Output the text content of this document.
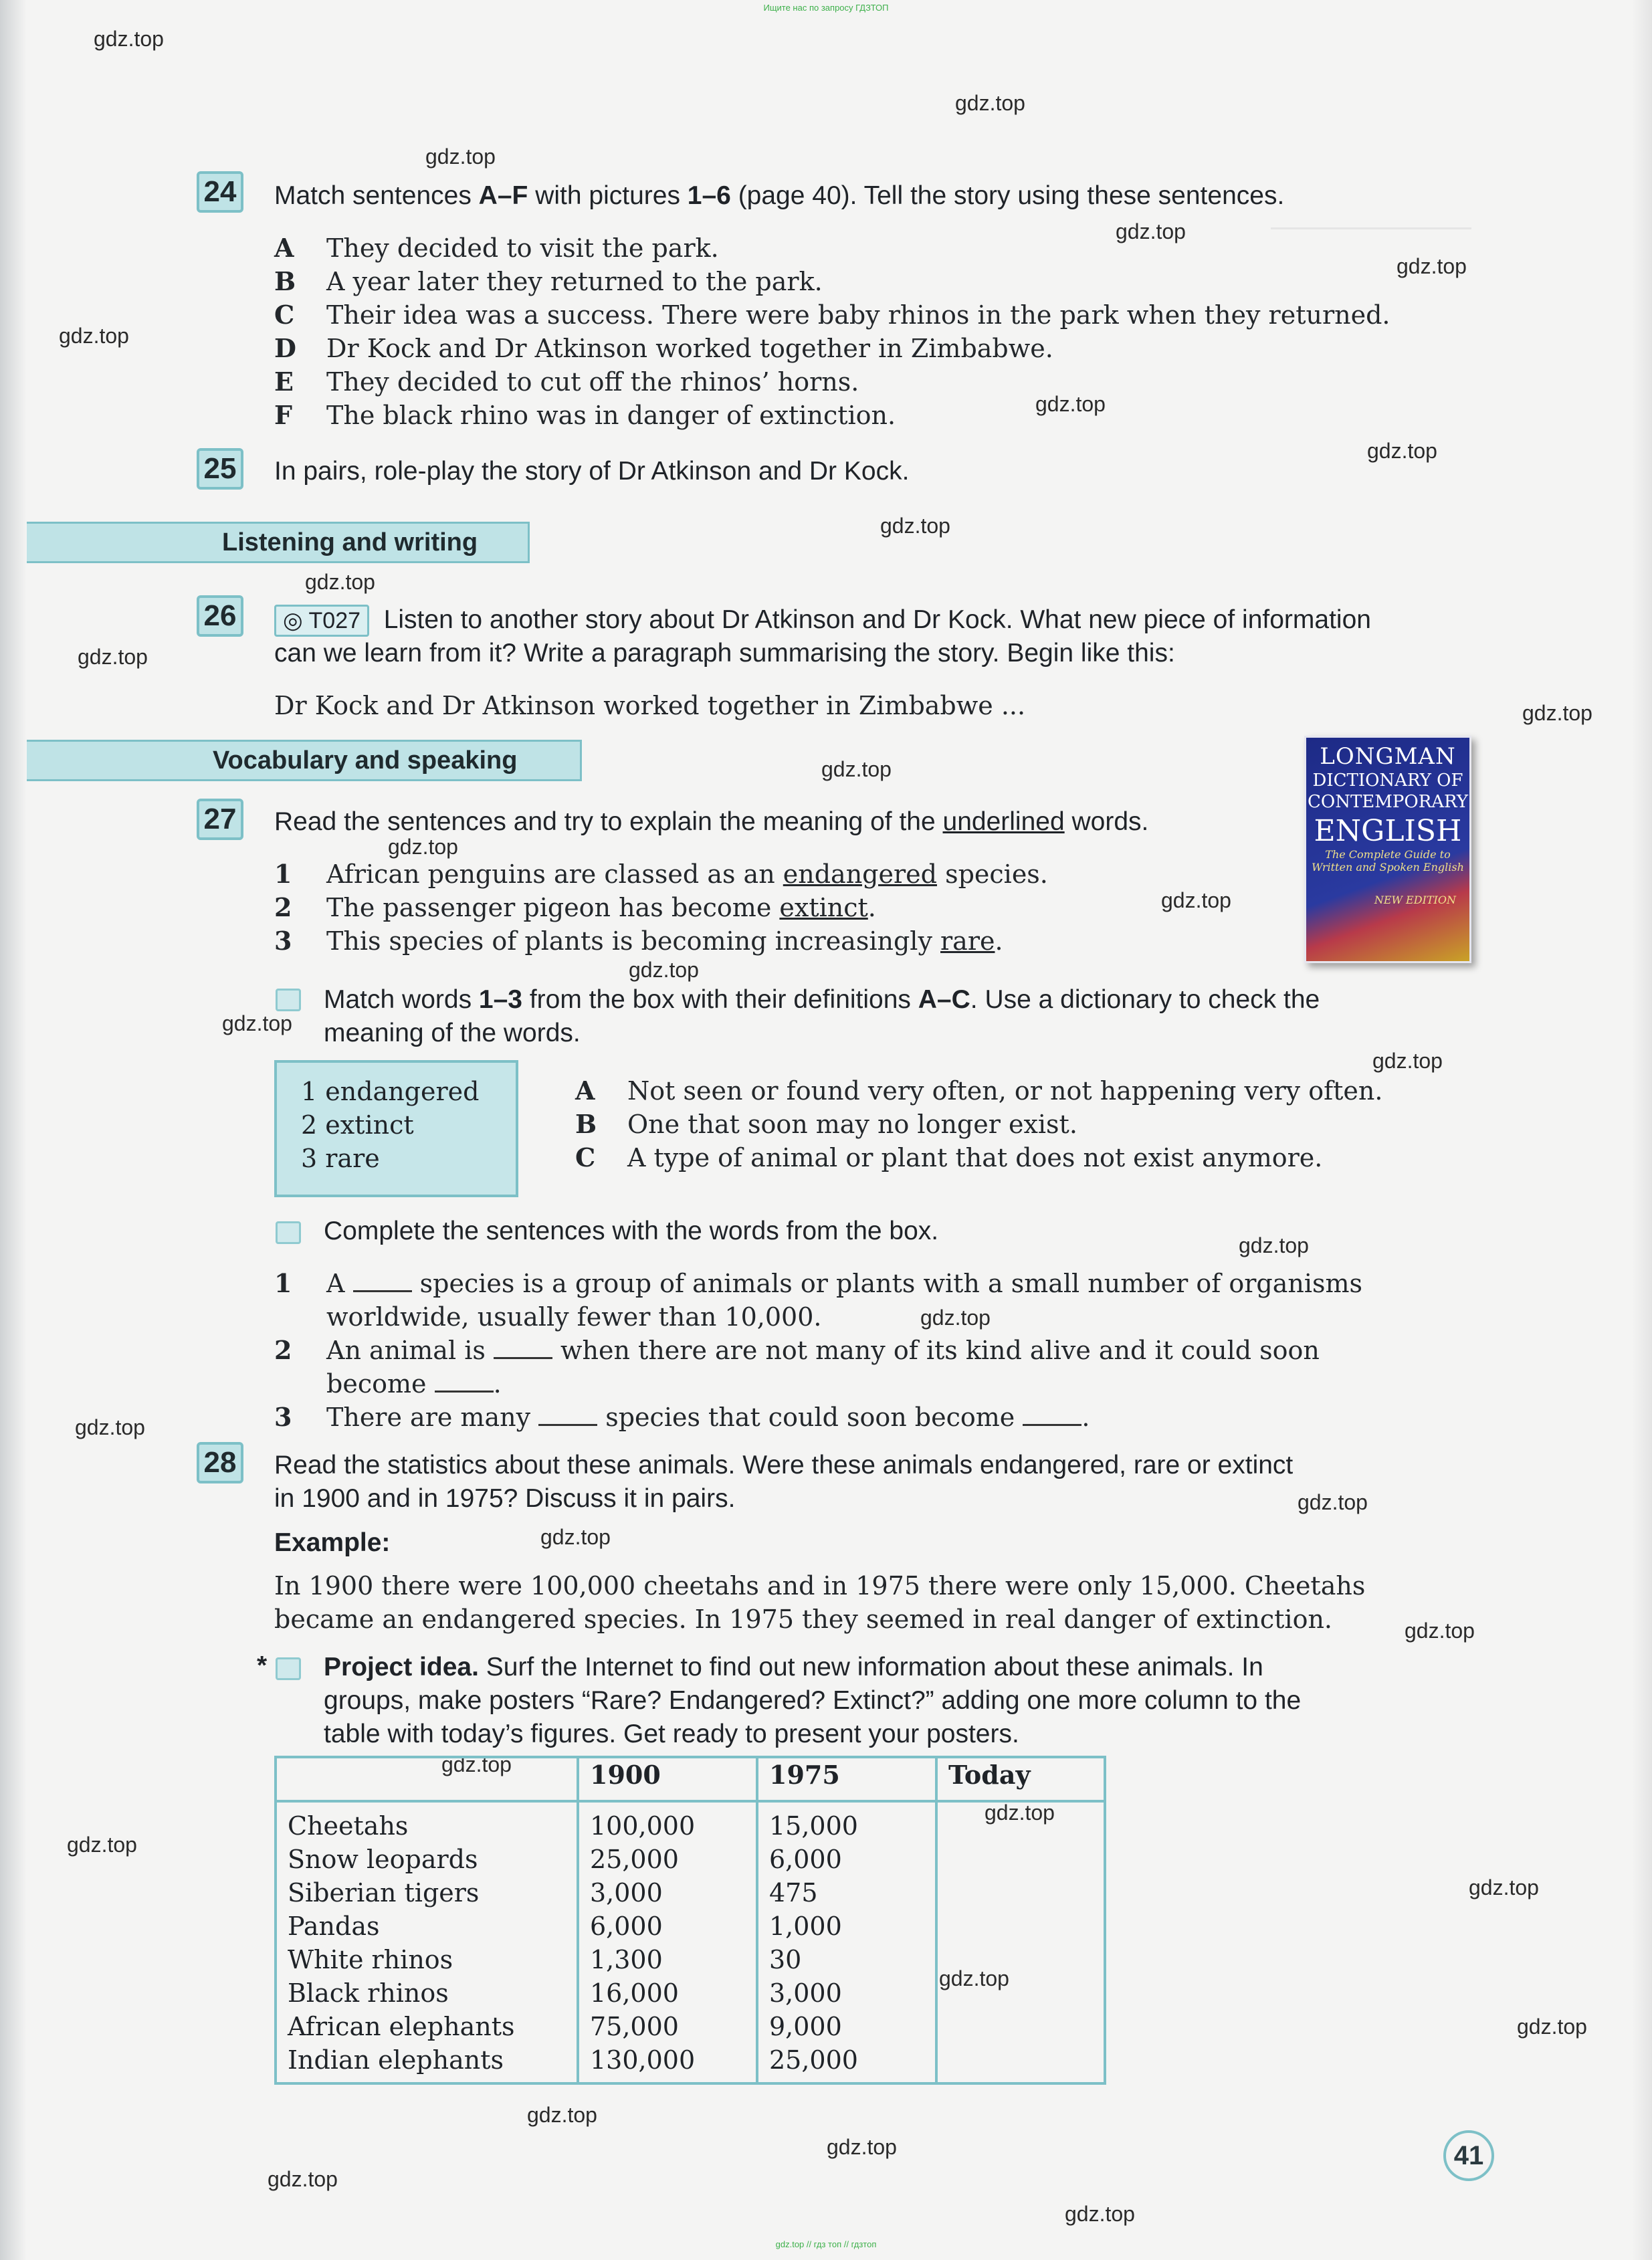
Ищите нас по запросу ГДЗТОП
gdz.top // гдз топ // гдзтоп
gdz.top
gdz.top
gdz.top
gdz.top
gdz.top
gdz.top
gdz.top
gdz.top
gdz.top
gdz.top
gdz.top
gdz.top
gdz.top
gdz.top
gdz.top
gdz.top
gdz.top
gdz.top
gdz.top
gdz.top
gdz.top
gdz.top
gdz.top
gdz.top
gdz.top
gdz.top
gdz.top
gdz.top
gdz.top
gdz.top
gdz.top
gdz.top
gdz.top
gdz.top
24 Match sentences A–F with pictures 1–6 (page 40). Tell the story using these sentences.
A They decided to visit the park.
B A year later they returned to the park.
C Their idea was a success. There were baby rhinos in the park when they returned.
D Dr Kock and Dr Atkinson worked together in Zimbabwe.
E They decided to cut off the rhinos’ horns.
F The black rhino was in danger of extinction.
25 In pairs, role-play the story of Dr Atkinson and Dr Kock.
Listening and writing
26	◎ T027 Listen to another story about Dr Atkinson and Dr Kock. What new piece of information
can we learn from it? Write a paragraph summarising the story. Begin like this:
Dr Kock and Dr Atkinson worked together in Zimbabwe ...
Vocabulary and speaking
27 Read the sentences and try to explain the meaning of the underlined words.
1 African penguins are classed as an endangered species.
2 The passenger pigeon has become extinct.
3 This species of plants is becoming increasingly rare.
LONGMAN
DICTIONARY OF
CONTEMPORARY
ENGLISH
The Complete Guide to Written and Spoken English
NEW EDITION
Match words 1–3 from the box with their definitions A–C. Use a dictionary to check the
meaning of the words.
1 endangered
2 extinct
3 rare
A Not seen or found very often, or not happening very often.
B One that soon may no longer exist.
C A type of animal or plant that does not exist anymore.
Complete the sentences with the words from the box.
1 A	species is a group of animals or plants with a small number of organisms
worldwide, usually fewer than 10,000.
2 An animal is  when there are not many of its kind alive and it could soon
become .
3 There are many  species that could soon become .
28 Read the statistics about these animals. Were these animals endangered, rare or extinct
in 1900 and in 1975? Discuss it in pairs.
Example:
In 1900 there were 100,000 cheetahs and in 1975 there were only 15,000. Cheetahs
became an endangered species. In 1975 they seemed in real danger of extinction.
* Project idea. Surf the Internet to find out new information about these animals. In
groups, make posters “Rare? Endangered? Extinct?” adding one more column to the
table with today’s figures. Get ready to present your posters.
	1900	1975	Today
Cheetahs	100,000	15,000	
Snow leopards	25,000	6,000	
Siberian tigers	3,000	475	
Pandas	6,000	1,000	
White rhinos	1,300	30	
Black rhinos	16,000	3,000	
African elephants	75,000	9,000	
Indian elephants	130,000	25,000	
41
